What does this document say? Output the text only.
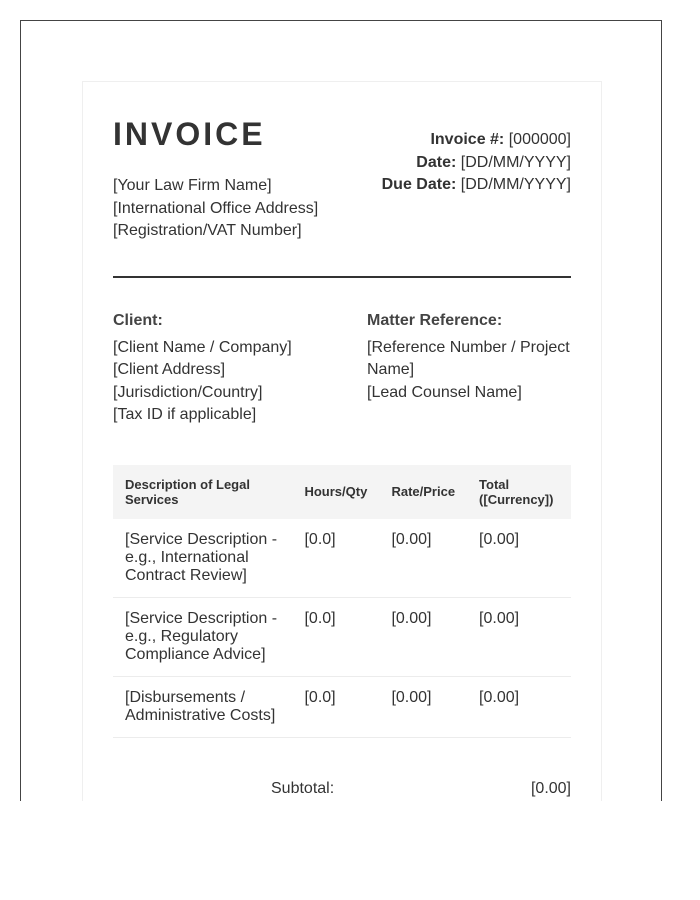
INVOICE
[Your Law Firm Name]
[International Office Address]
[Registration/VAT Number]
Invoice #: [000000]
Date: [DD/MM/YYYY]
Due Date: [DD/MM/YYYY]
Client:
[Client Name / Company]
[Client Address]
[Jurisdiction/Country]
[Tax ID if applicable]
Matter Reference:
[Reference Number / Project Name]
[Lead Counsel Name]
Description of Legal Services	Hours/Qty	Rate/Price	Total ([Currency])
[Service Description - e.g., International Contract Review]	[0.0]	[0.00]	[0.00]
[Service Description - e.g., Regulatory Compliance Advice]	[0.0]	[0.00]	[0.00]
[Disbursements / Administrative Costs]	[0.0]	[0.00]	[0.00]
Subtotal:	[0.00]
